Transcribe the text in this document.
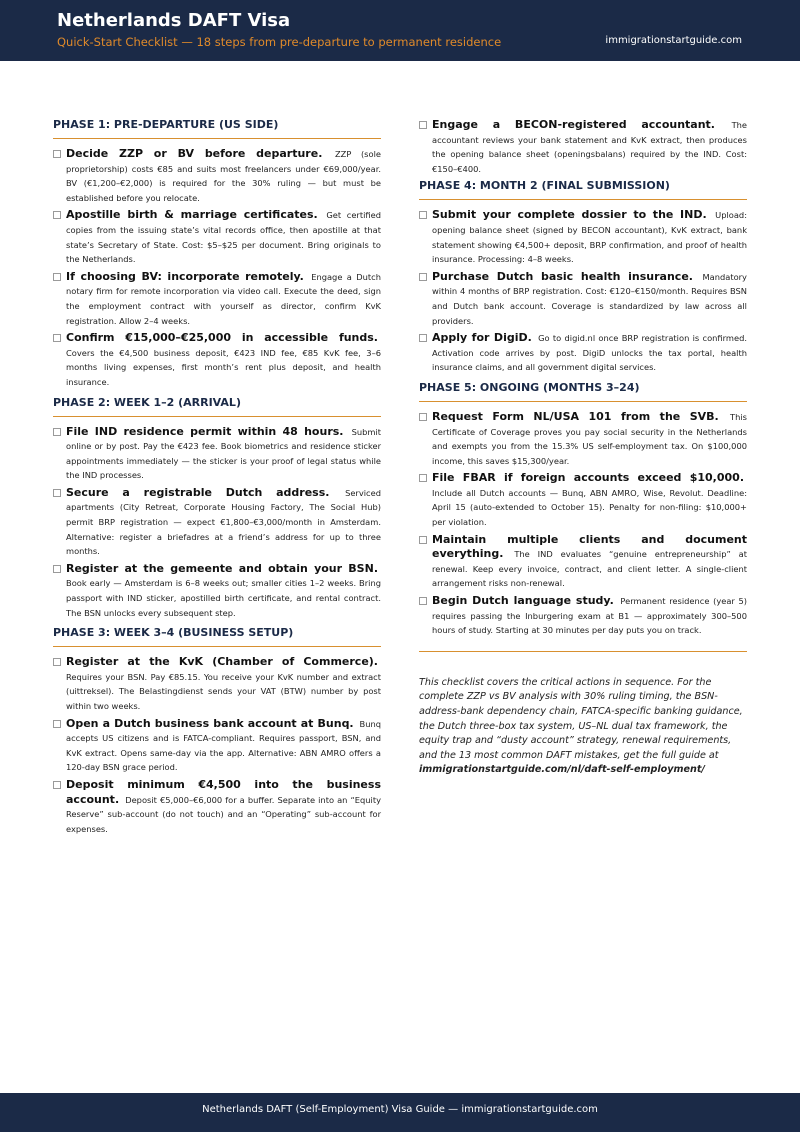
Netherlands DAFT Visa
Quick-Start Checklist — 18 steps from pre-departure to permanent residence	immigrationstartguide.com
PHASE 1: PRE-DEPARTURE (US SIDE)
Decide ZZP or BV before departure. ZZP (sole proprietorship) costs €85 and suits most freelancers under €69,000/year. BV (€1,200–€2,000) is required for the 30% ruling — but must be established before you relocate.
Apostille birth & marriage certificates. Get certified copies from the issuing state’s vital records office, then apostille at that state’s Secretary of State. Cost: $5–$25 per document. Bring originals to the Netherlands.
If choosing BV: incorporate remotely. Engage a Dutch notary firm for remote incorporation via video call. Execute the deed, sign the employment contract with yourself as director, confirm KvK registration. Allow 2–4 weeks.
Confirm €15,000–€25,000 in accessible funds. Covers the €4,500 business deposit, €423 IND fee, €85 KvK fee, 3–6 months living expenses, first month’s rent plus deposit, and health insurance.
PHASE 2: WEEK 1–2 (ARRIVAL)
File IND residence permit within 48 hours. Submit online or by post. Pay the €423 fee. Book biometrics and residence sticker appointments immediately — the sticker is your proof of legal status while the IND processes.
Secure a registrable Dutch address. Serviced apartments (City Retreat, Corporate Housing Factory, The Social Hub) permit BRP registration — expect €1,800–€3,000/month in Amsterdam. Alternative: register a briefadres at a friend’s address for up to three months.
Register at the gemeente and obtain your BSN. Book early — Amsterdam is 6–8 weeks out; smaller cities 1–2 weeks. Bring passport with IND sticker, apostilled birth certificate, and rental contract. The BSN unlocks every subsequent step.
PHASE 3: WEEK 3–4 (BUSINESS SETUP)
Register at the KvK (Chamber of Commerce). Requires your BSN. Pay €85.15. You receive your KvK number and extract (uittreksel). The Belastingdienst sends your VAT (BTW) number by post within two weeks.
Open a Dutch business bank account at Bunq. Bunq accepts US citizens and is FATCA-compliant. Requires passport, BSN, and KvK extract. Opens same-day via the app. Alternative: ABN AMRO offers a 120-day BSN grace period.
Deposit minimum €4,500 into the business account. Deposit €5,000–€6,000 for a buffer. Separate into an “Equity Reserve” sub-account (do not touch) and an “Operating” sub-account for expenses.
Engage a BECON-registered accountant. The accountant reviews your bank statement and KvK extract, then produces the opening balance sheet (openingsbalans) required by the IND. Cost: €150–€400.
PHASE 4: MONTH 2 (FINAL SUBMISSION)
Submit your complete dossier to the IND. Upload: opening balance sheet (signed by BECON accountant), KvK extract, bank statement showing €4,500+ deposit, BRP confirmation, and proof of health insurance. Processing: 4–8 weeks.
Purchase Dutch basic health insurance. Mandatory within 4 months of BRP registration. Cost: €120–€150/month. Requires BSN and Dutch bank account. Coverage is standardized by law across all providers.
Apply for DigiD. Go to digid.nl once BRP registration is confirmed. Activation code arrives by post. DigiD unlocks the tax portal, health insurance claims, and all government digital services.
PHASE 5: ONGOING (MONTHS 3–24)
Request Form NL/USA 101 from the SVB. This Certificate of Coverage proves you pay social security in the Netherlands and exempts you from the 15.3% US self-employment tax. On $100,000 income, this saves $15,300/year.
File FBAR if foreign accounts exceed $10,000. Include all Dutch accounts — Bunq, ABN AMRO, Wise, Revolut. Deadline: April 15 (auto-extended to October 15). Penalty for non-filing: $10,000+ per violation.
Maintain multiple clients and document everything. The IND evaluates “genuine entrepreneurship” at renewal. Keep every invoice, contract, and client letter. A single-client arrangement risks non-renewal.
Begin Dutch language study. Permanent residence (year 5) requires passing the Inburgering exam at B1 — approximately 300–500 hours of study. Starting at 30 minutes per day puts you on track.
This checklist covers the critical actions in sequence. For the complete ZZP vs BV analysis with 30% ruling timing, the BSN-address-bank dependency chain, FATCA-specific banking guidance, the Dutch three-box tax system, US–NL dual tax framework, the equity trap and “dusty account” strategy, renewal requirements, and the 13 most common DAFT mistakes, get the full guide at immigrationstartguide.com/nl/daft-self-employment/
Netherlands DAFT (Self-Employment) Visa Guide — immigrationstartguide.com
